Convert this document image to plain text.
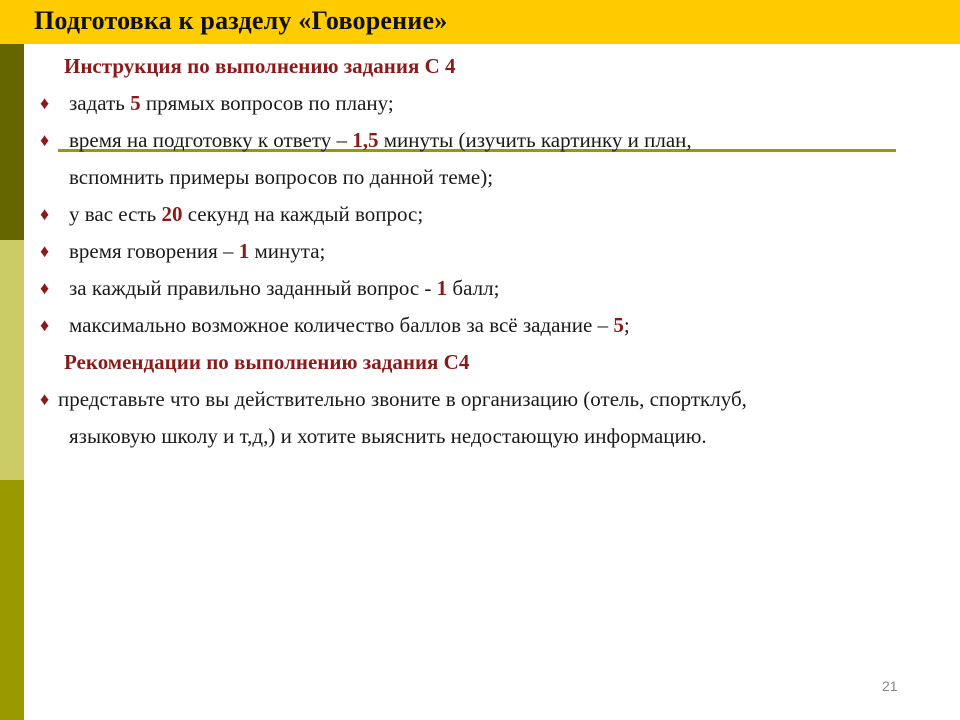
Подготовка к разделу «Говорение»
Инструкция по выполнению задания С 4
♦ задать 5 прямых вопросов по плану;
♦ время на подготовку к ответу – 1,5 минуты (изучить картинку и план,
вспомнить примеры вопросов по данной теме);
♦ у вас есть 20 секунд на каждый вопрос;
♦ время говорения – 1 минута;
♦ за каждый правильно заданный вопрос - 1 балл;
♦ максимально возможное количество баллов за всё задание – 5;
Рекомендации по выполнению задания С4
♦ представьте что вы действительно звоните в организацию (отель, спортклуб,
языковую школу и т,д,) и хотите выяснить недостающую информацию.
21
